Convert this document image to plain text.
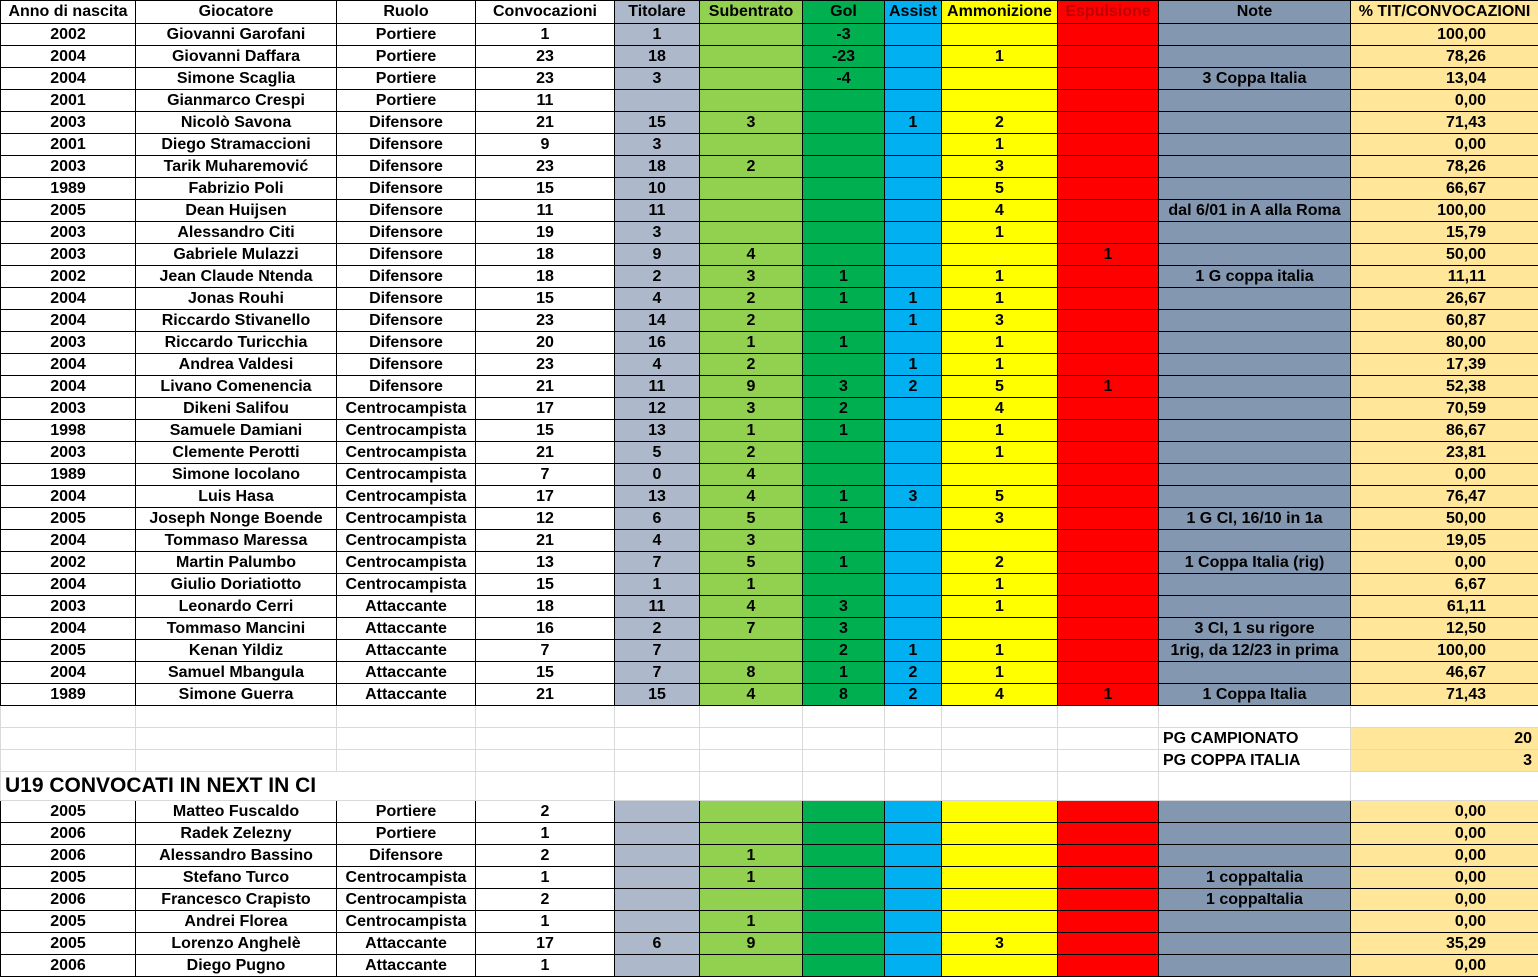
Anno di nascita	Giocatore	Ruolo	Convocazioni	Titolare	Subentrato	Gol	Assist	Ammonizione	Espulsione	Note	% TIT/CONVOCAZIONI
2002	Giovanni Garofani	Portiere	1	1		-3					100,00
2004	Giovanni Daffara	Portiere	23	18		-23		1			78,26
2004	Simone Scaglia	Portiere	23	3		-4				3 Coppa Italia	13,04
2001	Gianmarco Crespi	Portiere	11								0,00
2003	Nicolò Savona	Difensore	21	15	3		1	2			71,43
2001	Diego Stramaccioni	Difensore	9	3				1			0,00
2003	Tarik Muharemović	Difensore	23	18	2			3			78,26
1989	Fabrizio Poli	Difensore	15	10				5			66,67
2005	Dean Huijsen	Difensore	11	11				4		dal 6/01 in A alla Roma	100,00
2003	Alessandro Citi	Difensore	19	3				1			15,79
2003	Gabriele Mulazzi	Difensore	18	9	4				1		50,00
2002	Jean Claude Ntenda	Difensore	18	2	3	1		1		1 G coppa italia	11,11
2004	Jonas Rouhi	Difensore	15	4	2	1	1	1			26,67
2004	Riccardo Stivanello	Difensore	23	14	2		1	3			60,87
2003	Riccardo Turicchia	Difensore	20	16	1	1		1			80,00
2004	Andrea Valdesi	Difensore	23	4	2		1	1			17,39
2004	Livano Comenencia	Difensore	21	11	9	3	2	5	1		52,38
2003	Dikeni Salifou	Centrocampista	17	12	3	2		4			70,59
1998	Samuele Damiani	Centrocampista	15	13	1	1		1			86,67
2003	Clemente Perotti	Centrocampista	21	5	2			1			23,81
1989	Simone Iocolano	Centrocampista	7	0	4						0,00
2004	Luis Hasa	Centrocampista	17	13	4	1	3	5			76,47
2005	Joseph Nonge Boende	Centrocampista	12	6	5	1		3		1 G CI, 16/10 in 1a	50,00
2004	Tommaso Maressa	Centrocampista	21	4	3						19,05
2002	Martin Palumbo	Centrocampista	13	7	5	1		2		1 Coppa Italia (rig)	0,00
2004	Giulio Doriatiotto	Centrocampista	15	1	1			1			6,67
2003	Leonardo Cerri	Attaccante	18	11	4	3		1			61,11
2004	Tommaso Mancini	Attaccante	16	2	7	3				3 CI, 1 su rigore	12,50
2005	Kenan Yildiz	Attaccante	7	7		2	1	1		1rig, da 12/23 in prima	100,00
2004	Samuel Mbangula	Attaccante	15	7	8	1	2	1			46,67
1989	Simone Guerra	Attaccante	21	15	4	8	2	4	1	1 Coppa Italia	71,43

										PG CAMPIONATO	20
										PG COPPA ITALIA	3
U19 CONVOCATI IN NEXT IN CI											
2005	Matteo Fuscaldo	Portiere	2								0,00
2006	Radek Zelezny	Portiere	1								0,00
2006	Alessandro Bassino	Difensore	2		1						0,00
2005	Stefano Turco	Centrocampista	1		1					1 coppaItalia	0,00
2006	Francesco Crapisto	Centrocampista	2							1 coppaItalia	0,00
2005	Andrei Florea	Centrocampista	1		1						0,00
2005	Lorenzo Anghelè	Attaccante	17	6	9			3			35,29
2006	Diego Pugno	Attaccante	1								0,00
